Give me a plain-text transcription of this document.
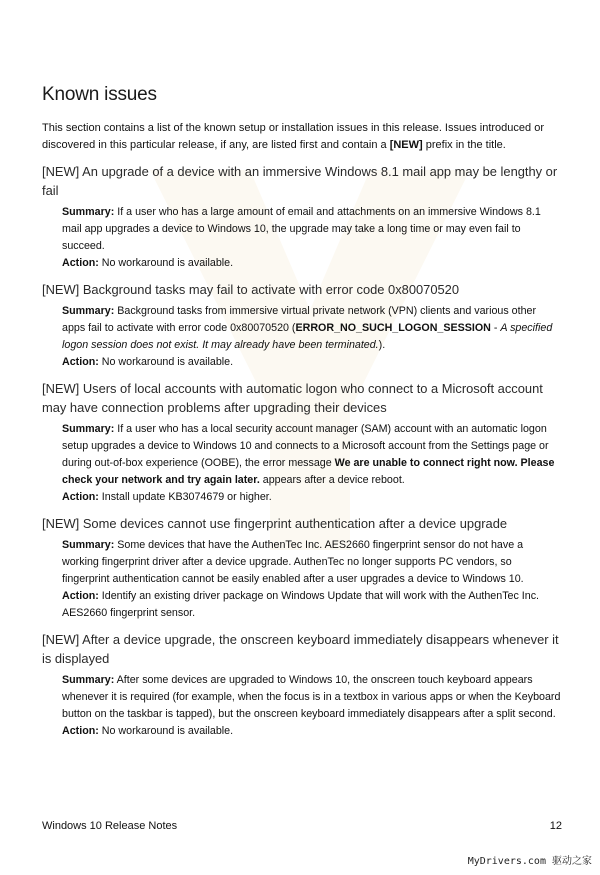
Known issues

This section contains a list of the known setup or installation issues in this release. Issues introduced or discovered in this particular release, if any, are listed first and contain a [NEW] prefix in the title.

[NEW] An upgrade of a device with an immersive Windows 8.1 mail app may be lengthy or fail

Summary: If a user who has a large amount of email and attachments on an immersive Windows 8.1 mail app upgrades a device to Windows 10, the upgrade may take a long time or may even fail to succeed.

Action: No workaround is available.

[NEW] Background tasks may fail to activate with error code 0x80070520

Summary: Background tasks from immersive virtual private network (VPN) clients and various other apps fail to activate with error code 0x80070520 (ERROR_NO_SUCH_LOGON_SESSION - A specified logon session does not exist. It may already have been terminated.).

Action: No workaround is available.

[NEW] Users of local accounts with automatic logon who connect to a Microsoft account may have connection problems after upgrading their devices

Summary: If a user who has a local security account manager (SAM) account with an automatic logon setup upgrades a device to Windows 10 and connects to a Microsoft account from the Settings page or during out-of-box experience (OOBE), the error message We are unable to connect right now. Please check your network and try again later. appears after a device reboot.

Action: Install update KB3074679 or higher.

[NEW] Some devices cannot use fingerprint authentication after a device upgrade

Summary: Some devices that have the AuthenTec Inc. AES2660 fingerprint sensor do not have a working fingerprint driver after a device upgrade. AuthenTec no longer supports PC vendors, so fingerprint authentication cannot be easily enabled after a user upgrades a device to Windows 10.

Action: Identify an existing driver package on Windows Update that will work with the AuthenTec Inc. AES2660 fingerprint sensor.

[NEW] After a device upgrade, the onscreen keyboard immediately disappears whenever it is displayed

Summary: After some devices are upgraded to Windows 10, the onscreen touch keyboard appears whenever it is required (for example, when the focus is in a textbox in various apps or when the Keyboard button on the taskbar is tapped), but the onscreen keyboard immediately disappears after a split second.

Action: No workaround is available.

Windows 10 Release Notes	12
MyDrivers.com 驱动之家
